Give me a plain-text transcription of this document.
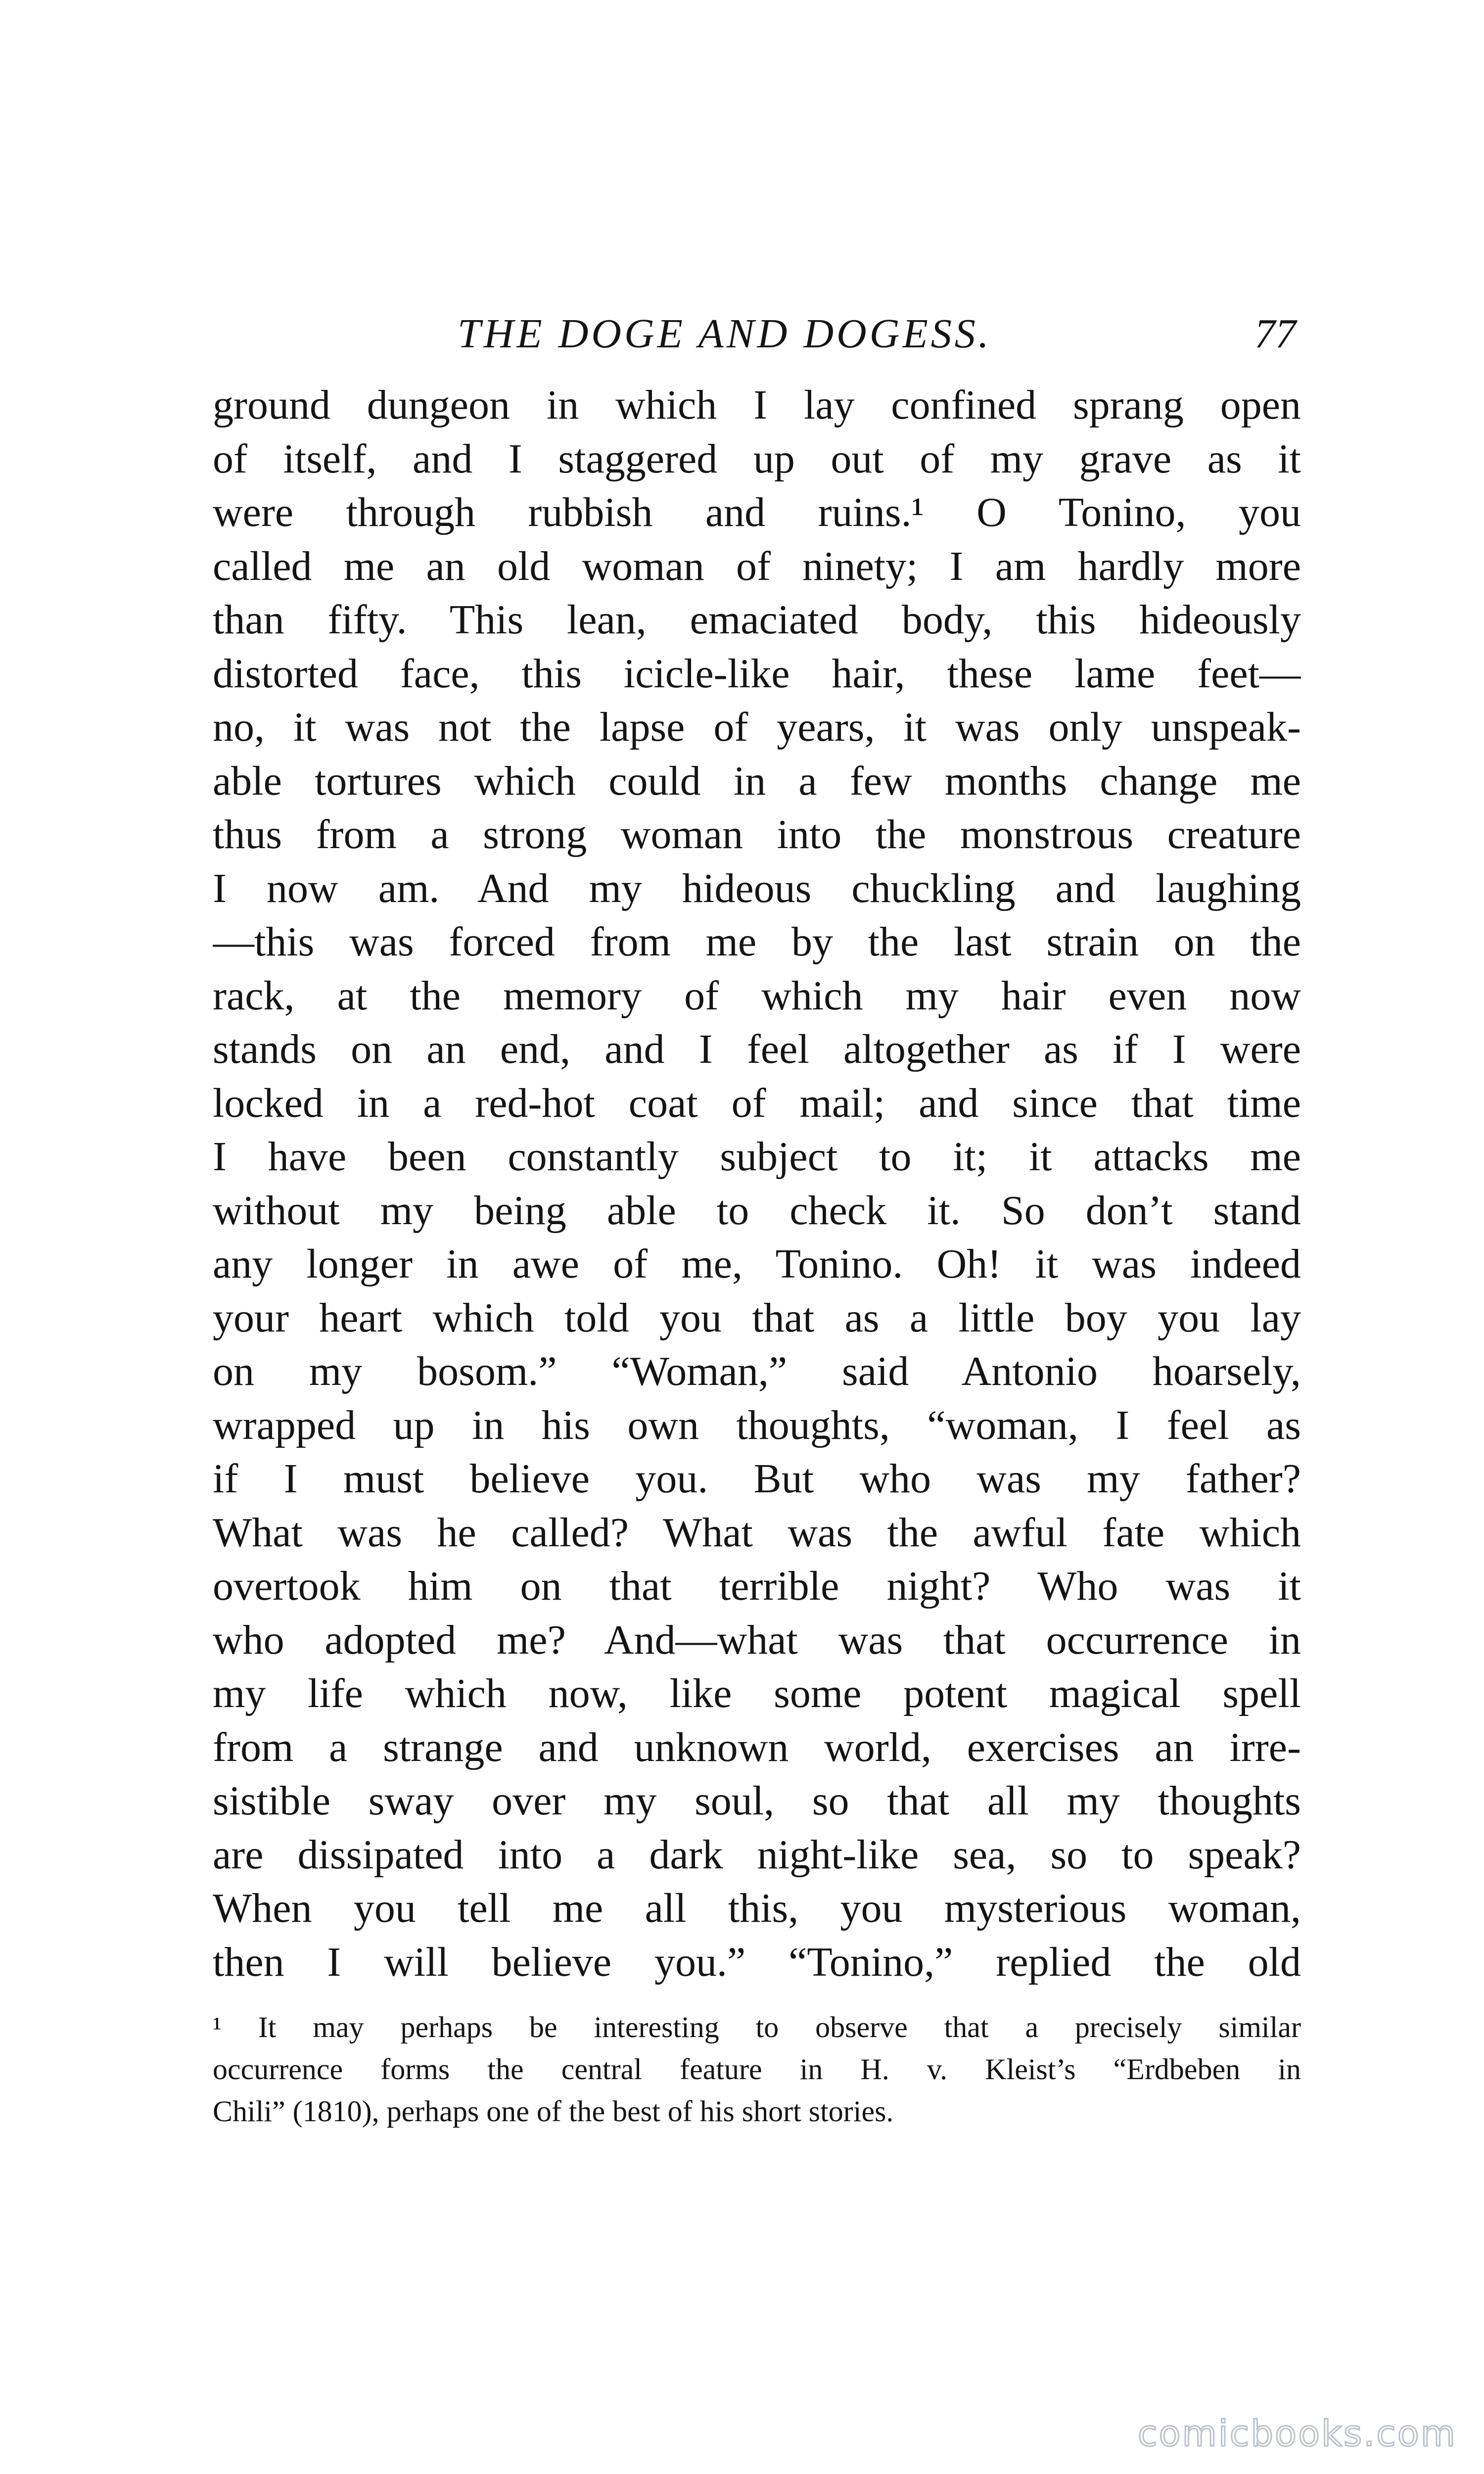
THE DOGE AND DOGESS.	77
ground dungeon in which I lay confined sprang open
of itself, and I staggered up out of my grave as it
were through rubbish and ruins.¹ O Tonino, you
called me an old woman of ninety; I am hardly more
than fifty. This lean, emaciated body, this hideously
distorted face, this icicle-like hair, these lame feet—
no, it was not the lapse of years, it was only unspeak-
able tortures which could in a few months change me
thus from a strong woman into the monstrous creature
I now am. And my hideous chuckling and laughing
—this was forced from me by the last strain on the
rack, at the memory of which my hair even now
stands on an end, and I feel altogether as if I were
locked in a red-hot coat of mail; and since that time
I have been constantly subject to it; it attacks me
without my being able to check it. So don’t stand
any longer in awe of me, Tonino. Oh! it was indeed
your heart which told you that as a little boy you lay
on my bosom.” “Woman,” said Antonio hoarsely,
wrapped up in his own thoughts, “woman, I feel as
if I must believe you. But who was my father?
What was he called? What was the awful fate which
overtook him on that terrible night? Who was it
who adopted me? And—what was that occurrence in
my life which now, like some potent magical spell
from a strange and unknown world, exercises an irre-
sistible sway over my soul, so that all my thoughts
are dissipated into a dark night-like sea, so to speak?
When you tell me all this, you mysterious woman,
then I will believe you.” “Tonino,” replied the old
¹ It may perhaps be interesting to observe that a precisely similar
occurrence forms the central feature in H. v. Kleist’s “Erdbeben in
Chili” (1810), perhaps one of the best of his short stories.
comicbooks.com
